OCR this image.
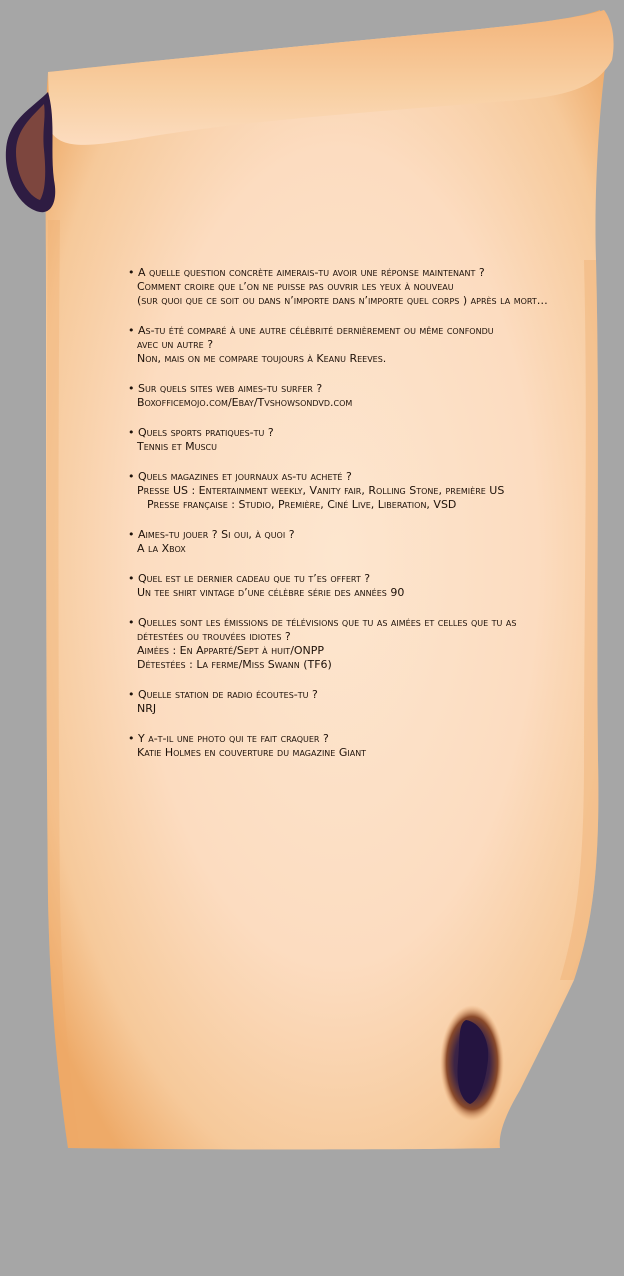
• A quelle question concrète aimerais-tu avoir une réponse maintenant ?
Comment croire que l’on ne puisse pas ouvrir les yeux à nouveau
(sur quoi que ce soit ou dans n’importe dans n’importe quel corps ) après la mort…
• As-tu été comparé à une autre célébrité dernièrement ou même confondu
avec un autre ?
Non, mais on me compare toujours à Keanu Reeves.
• Sur quels sites web aimes-tu surfer ?
Boxofficemojo.com/Ebay/Tvshowsondvd.com
• Quels sports pratiques-tu ?
Tennis et Muscu
• Quels magazines et journaux as-tu acheté ?
Presse US : Entertainment weekly, Vanity fair, Rolling Stone, première US
Presse française : Studio, Première, Ciné Live, Liberation, VSD
• Aimes-tu jouer ? Si oui, à quoi ?
A la Xbox
• Quel est le dernier cadeau que tu t’es offert ?
Un tee shirt vintage d’une célèbre série des années 90
• Quelles sont les émissions de télévisions que tu as aimées et celles que tu as
détestées ou trouvées idiotes ?
Aimées : En Apparté/Sept à huit/ONPP
Détestées : La ferme/Miss Swann (TF6)
• Quelle station de radio écoutes-tu ?
NRJ
• Y a-t-il une photo qui te fait craquer ?
Katie Holmes en couverture du magazine Giant
